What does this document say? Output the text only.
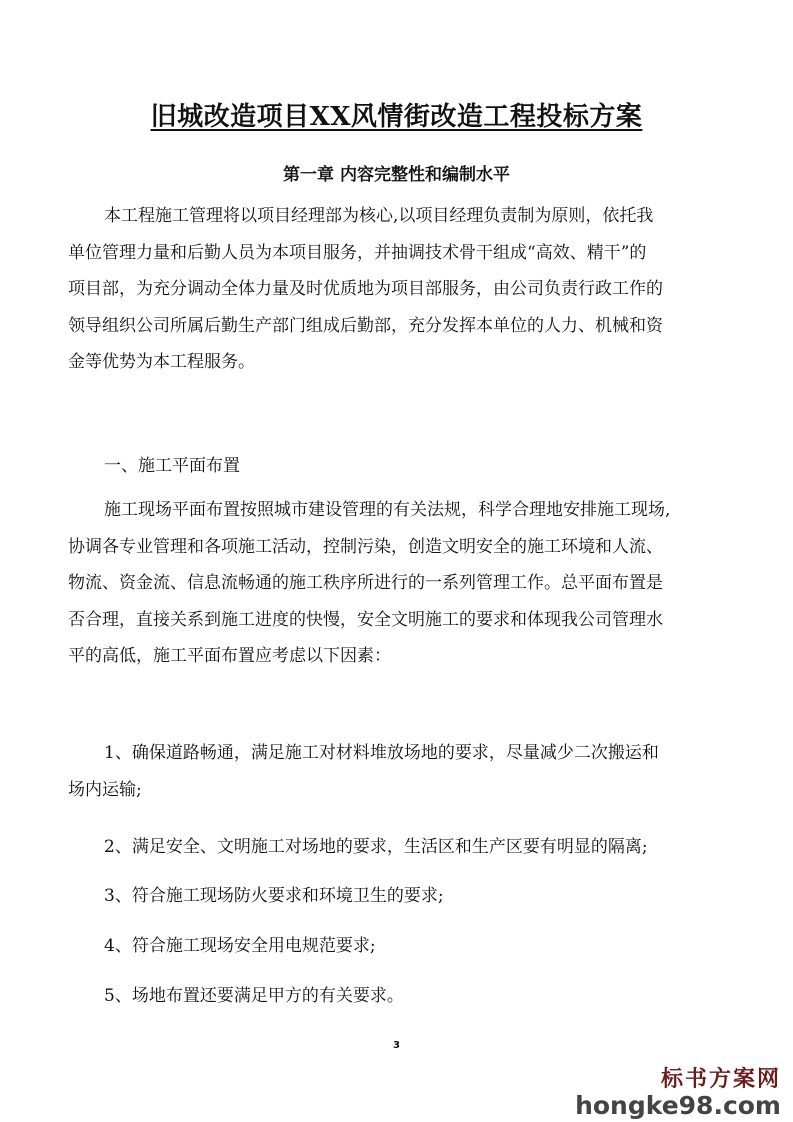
旧城改造项目XX风情街改造工程投标方案
第一章 内容完整性和编制水平
本工程施工管理将以项目经理部为核心,以项目经理负责制为原则，依托我
单位管理力量和后勤人员为本项目服务，并抽调技术骨干组成“高效、精干”的
项目部，为充分调动全体力量及时优质地为项目部服务，由公司负责行政工作的
领导组织公司所属后勤生产部门组成后勤部，充分发挥本单位的人力、机械和资
金等优势为本工程服务。
一、施工平面布置
施工现场平面布置按照城市建设管理的有关法规，科学合理地安排施工现场,
协调各专业管理和各项施工活动，控制污染，创造文明安全的施工环境和人流、
物流、资金流、信息流畅通的施工秩序所进行的一系列管理工作。总平面布置是
否合理，直接关系到施工进度的快慢，安全文明施工的要求和体现我公司管理水
平的高低，施工平面布置应考虑以下因素：
1、确保道路畅通，满足施工对材料堆放场地的要求，尽量减少二次搬运和
场内运输;
2、满足安全、文明施工对场地的要求，生活区和生产区要有明显的隔离;
3、符合施工现场防火要求和环境卫生的要求;
4、符合施工现场安全用电规范要求;
5、场地布置还要满足甲方的有关要求。
3
标书方案网
hongke98.com
